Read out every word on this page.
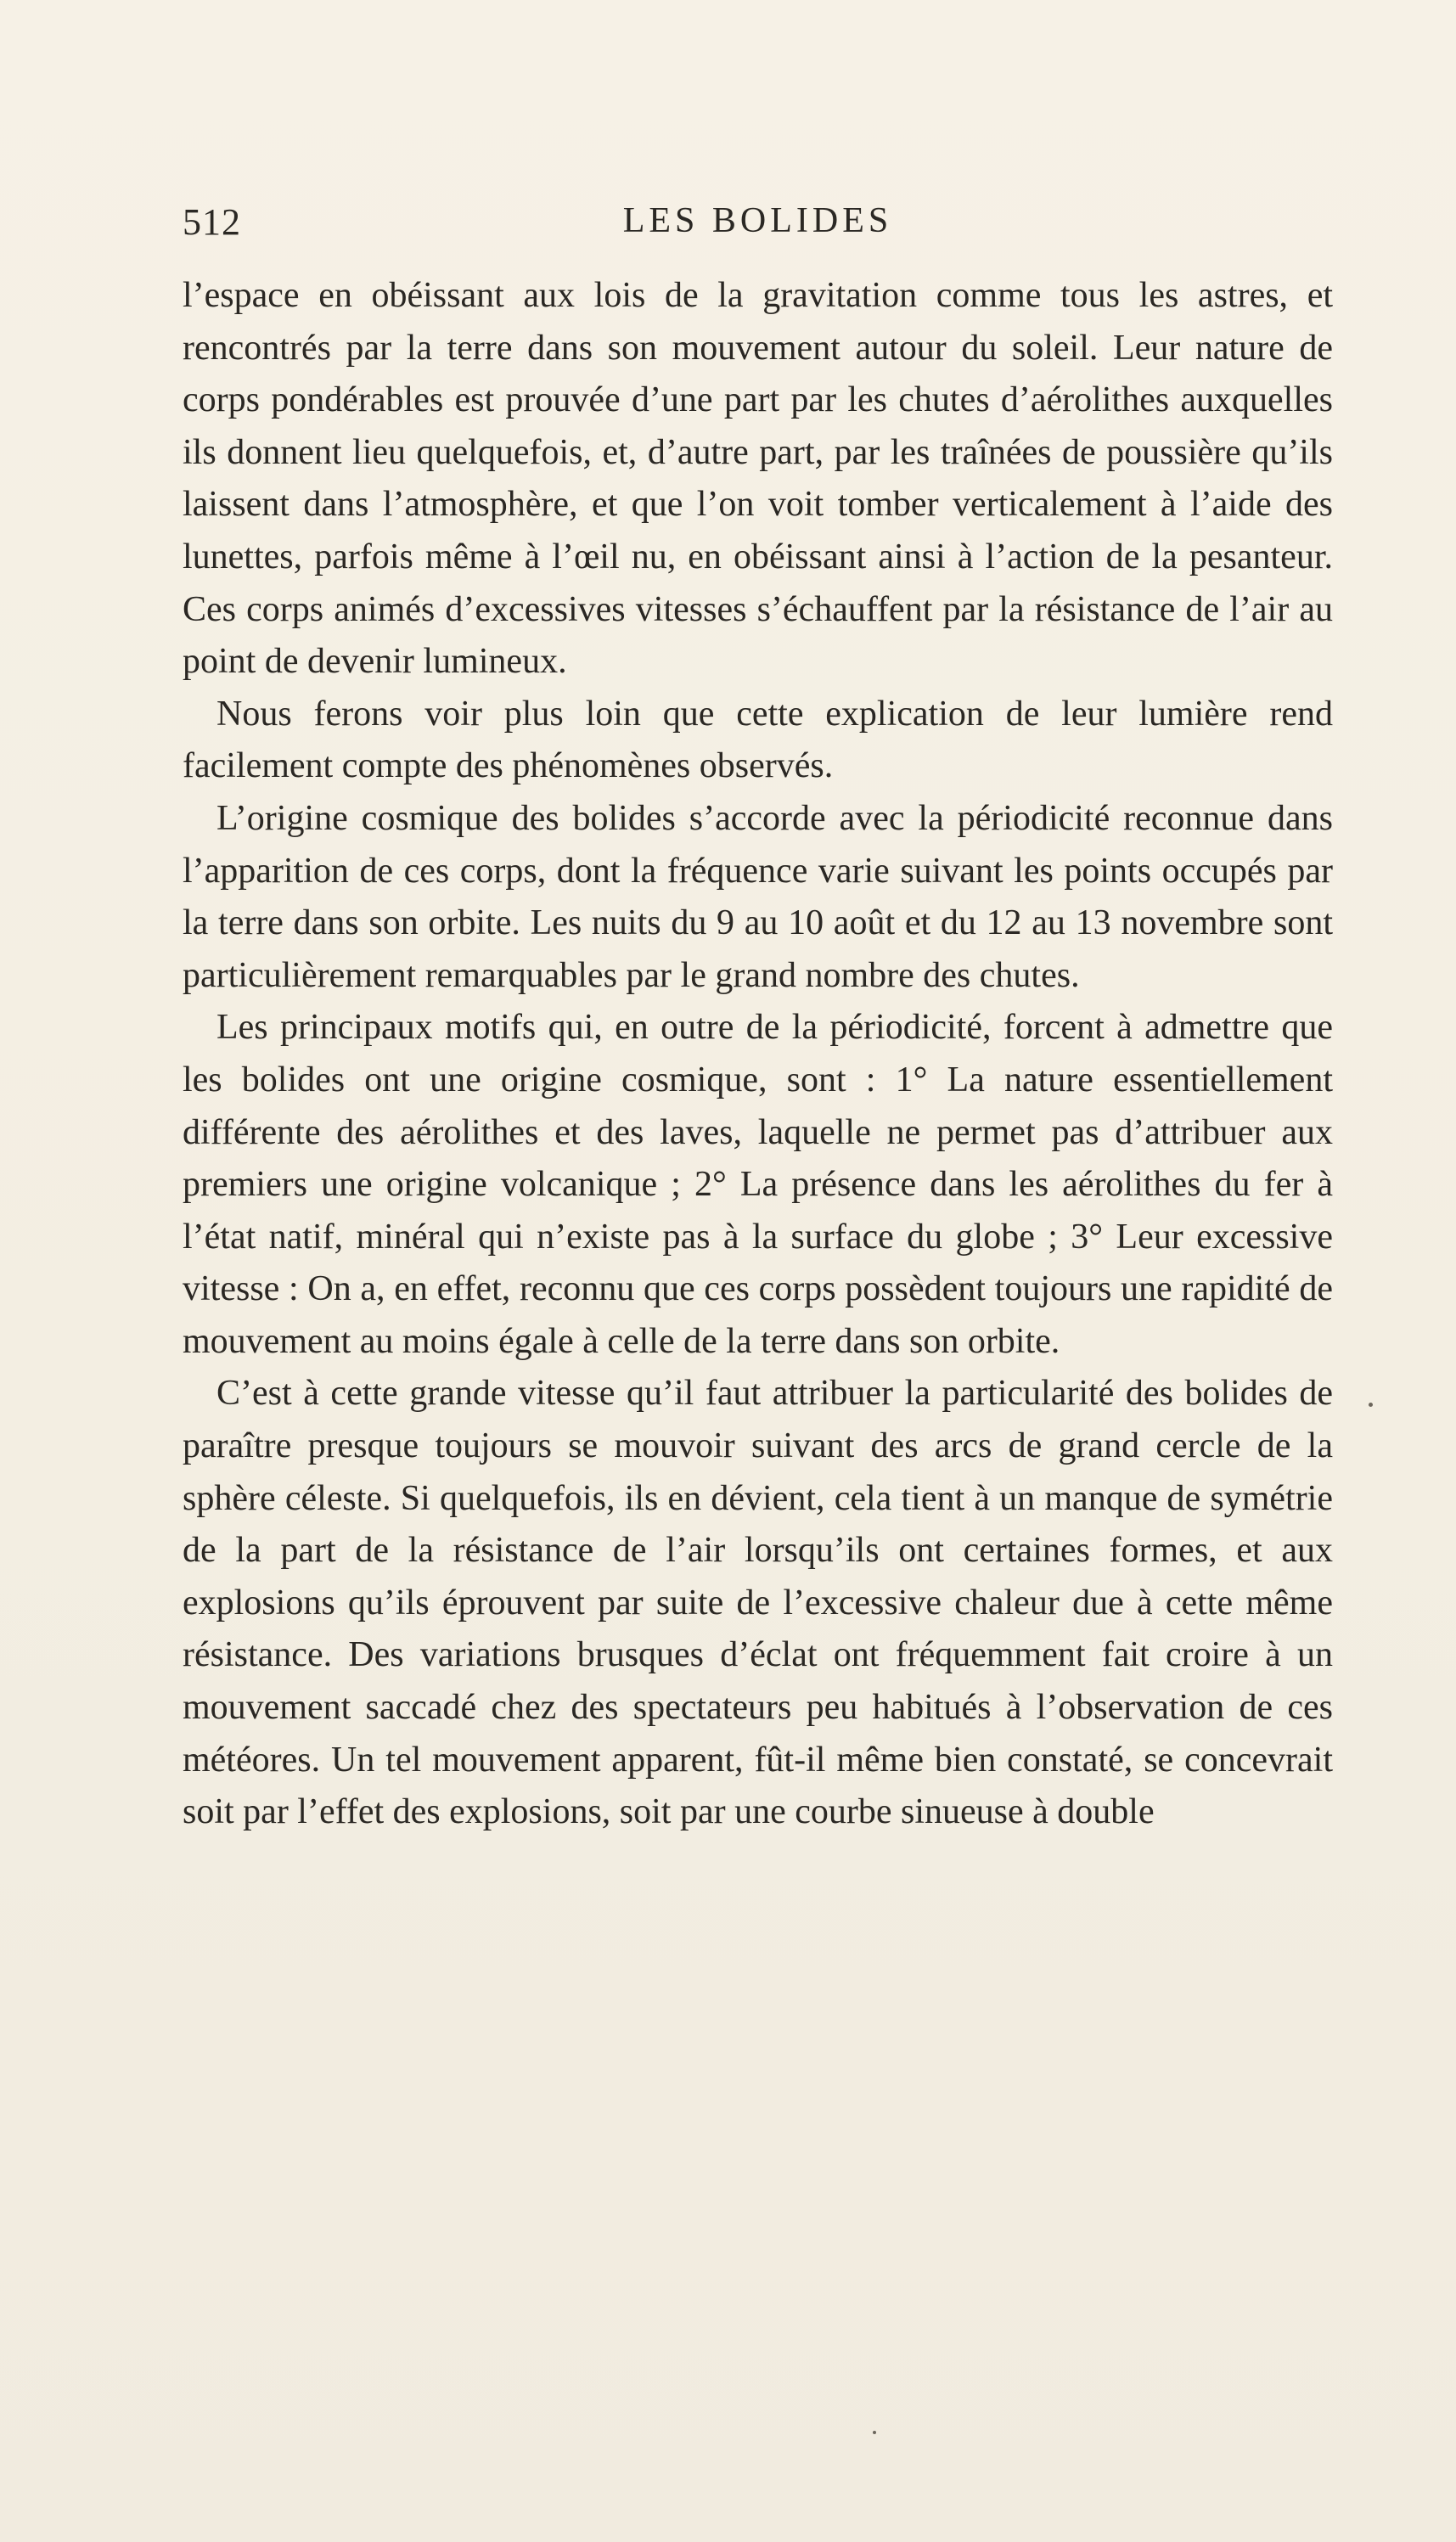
512	LES BOLIDES

l’espace en obéissant aux lois de la gravitation comme tous les astres, et rencontrés par la terre dans son mouvement autour du soleil. Leur nature de corps pondérables est prouvée d’une part par les chutes d’aérolithes auxquelles ils donnent lieu quelquefois, et, d’autre part, par les traînées de poussière qu’ils laissent dans l’atmosphère, et que l’on voit tomber verticalement à l’aide des lunettes, parfois même à l’œil nu, en obéissant ainsi à l’action de la pesanteur. Ces corps animés d’excessives vitesses s’échauffent par la résistance de l’air au point de devenir lumineux.

Nous ferons voir plus loin que cette explication de leur lumière rend facilement compte des phénomènes observés.

L’origine cosmique des bolides s’accorde avec la périodicité reconnue dans l’apparition de ces corps, dont la fréquence varie suivant les points occupés par la terre dans son orbite. Les nuits du 9 au 10 août et du 12 au 13 novembre sont particulièrement remarquables par le grand nombre des chutes.

Les principaux motifs qui, en outre de la périodicité, forcent à admettre que les bolides ont une origine cosmique, sont : 1° La nature essentiellement différente des aérolithes et des laves, laquelle ne permet pas d’attribuer aux premiers une origine volcanique ; 2° La présence dans les aérolithes du fer à l’état natif, minéral qui n’existe pas à la surface du globe ; 3° Leur excessive vitesse : On a, en effet, reconnu que ces corps possèdent toujours une rapidité de mouvement au moins égale à celle de la terre dans son orbite.

C’est à cette grande vitesse qu’il faut attribuer la particularité des bolides de paraître presque toujours se mouvoir suivant des arcs de grand cercle de la sphère céleste. Si quelquefois, ils en dévient, cela tient à un manque de symétrie de la part de la résistance de l’air lorsqu’ils ont certaines formes, et aux explosions qu’ils éprouvent par suite de l’excessive chaleur due à cette même résistance. Des variations brusques d’éclat ont fréquemment fait croire à un mouvement saccadé chez des spectateurs peu habitués à l’observation de ces météores. Un tel mouvement apparent, fût-il même bien constaté, se concevrait soit par l’effet des explosions, soit par une courbe sinueuse à double
